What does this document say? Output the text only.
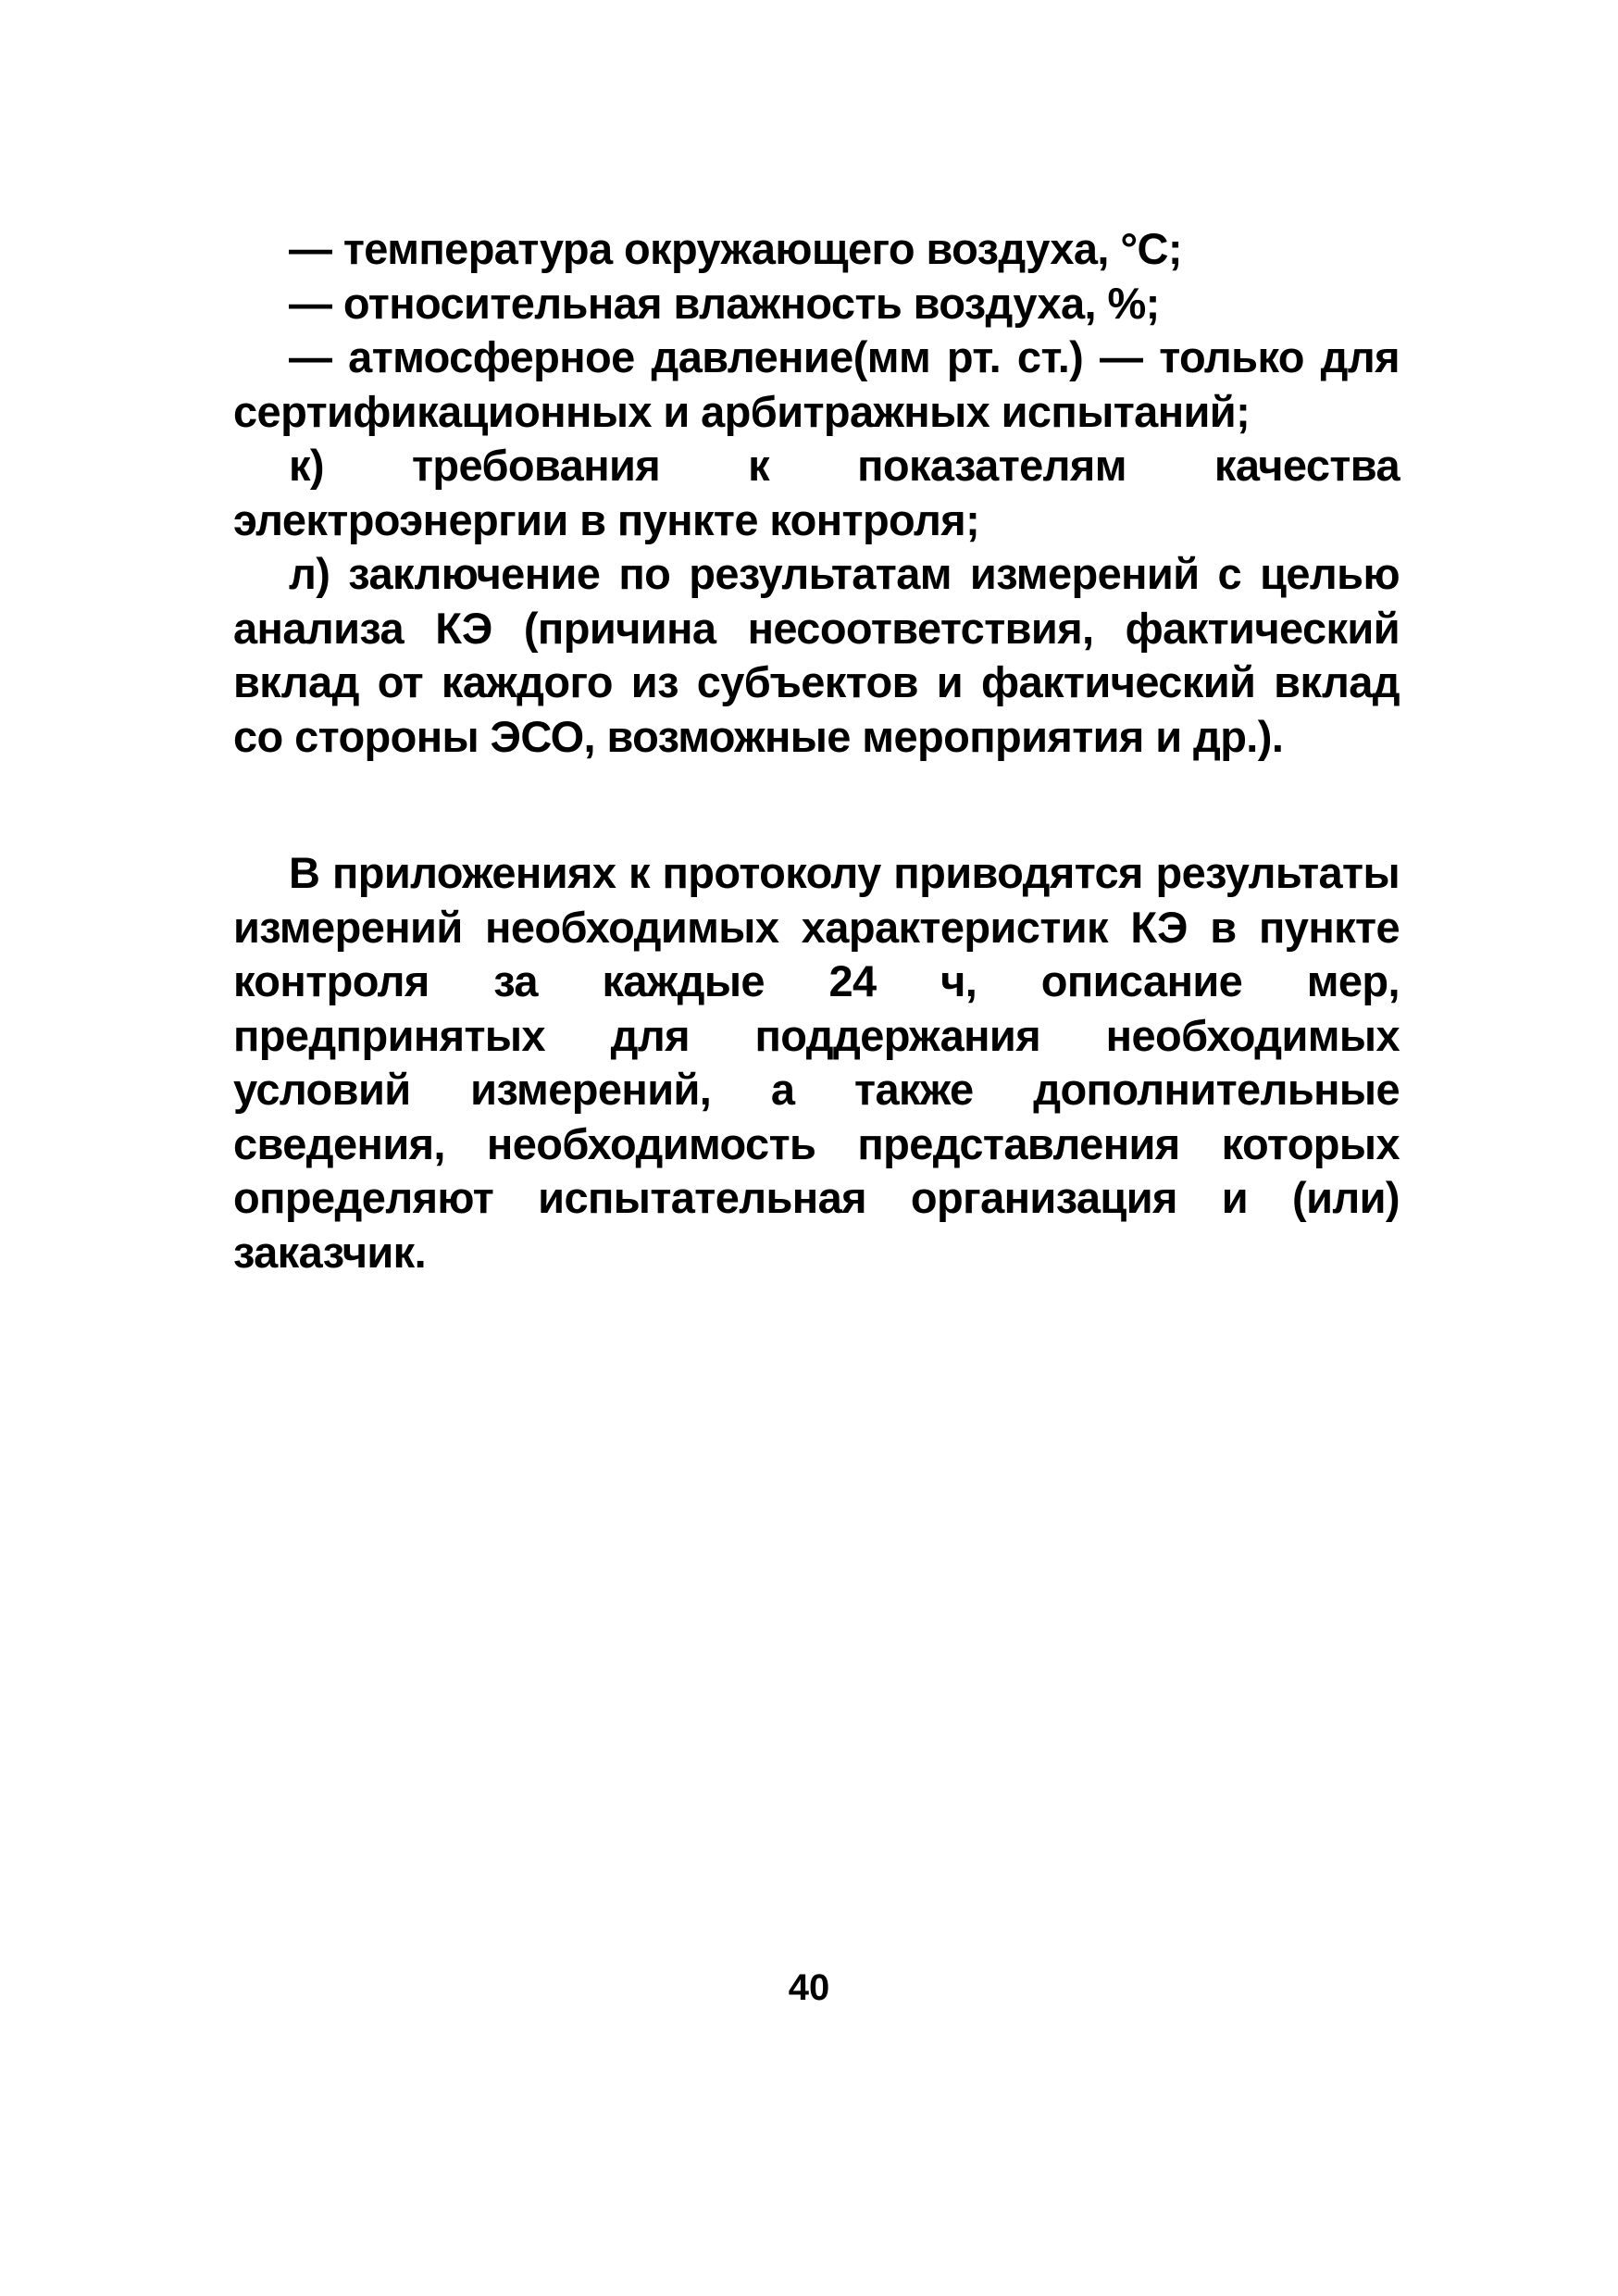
— температура окружающего воздуха, °С;

— относительная влажность воздуха, %;

— атмосферное давление(мм рт. ст.) — только для сертификационных и арбитражных испытаний;

к) требования к показателям качества электроэнергии в пункте контроля;

л) заключение по результатам измерений с целью анализа КЭ (причина несоответствия, фактический вклад от каждого из субъектов и фактический вклад со стороны ЭСО, возможные мероприятия и др.).

В приложениях к протоколу приводятся результаты измерений необходимых характеристик КЭ в пункте контроля за каждые 24 ч, описание мер, предпринятых для поддержания необходимых условий измерений, а также дополнительные сведения, необходимость представления которых определяют испытательная организация и (или) заказчик.

40
